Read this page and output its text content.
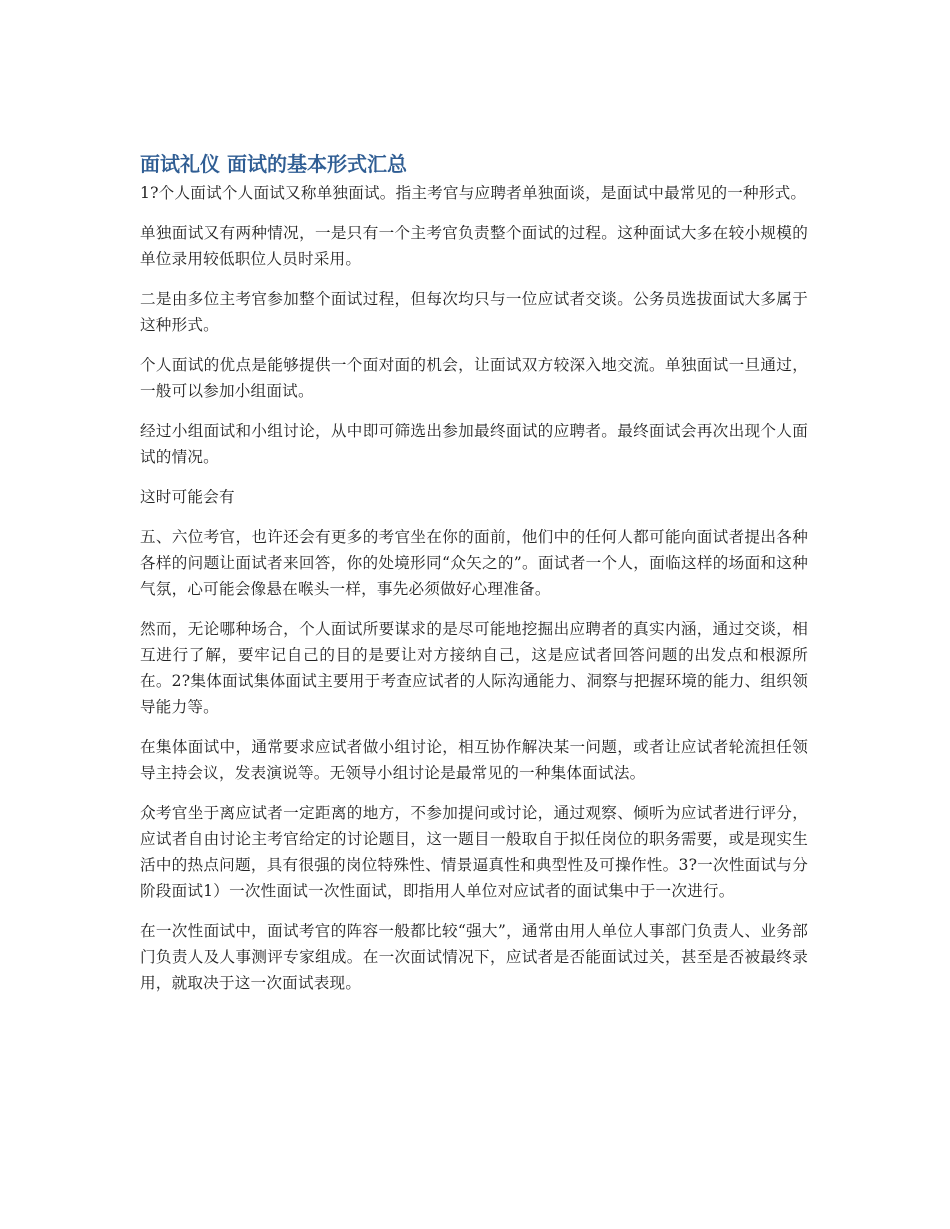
面试礼仪 面试的基本形式汇总

1?个人面试个人面试又称单独面试。指主考官与应聘者单独面谈，是面试中最常见的一种形式。

单独面试又有两种情况，一是只有一个主考官负责整个面试的过程。这种面试大多在较小规模的单位录用较低职位人员时采用。

二是由多位主考官参加整个面试过程，但每次均只与一位应试者交谈。公务员选拔面试大多属于这种形式。

个人面试的优点是能够提供一个面对面的机会，让面试双方较深入地交流。单独面试一旦通过，一般可以参加小组面试。

经过小组面试和小组讨论，从中即可筛选出参加最终面试的应聘者。最终面试会再次出现个人面试的情况。

这时可能会有

五、六位考官，也许还会有更多的考官坐在你的面前，他们中的任何人都可能向面试者提出各种各样的问题让面试者来回答，你的处境形同“众矢之的”。面试者一个人，面临这样的场面和这种气氛，心可能会像悬在喉头一样，事先必须做好心理准备。

然而，无论哪种场合，个人面试所要谋求的是尽可能地挖掘出应聘者的真实内涵，通过交谈，相互进行了解，要牢记自己的目的是要让对方接纳自己，这是应试者回答问题的出发点和根源所在。2?集体面试集体面试主要用于考查应试者的人际沟通能力、洞察与把握环境的能力、组织领导能力等。

在集体面试中，通常要求应试者做小组讨论，相互协作解决某一问题，或者让应试者轮流担任领导主持会议，发表演说等。无领导小组讨论是最常见的一种集体面试法。

众考官坐于离应试者一定距离的地方，不参加提问或讨论，通过观察、倾听为应试者进行评分，应试者自由讨论主考官给定的讨论题目，这一题目一般取自于拟任岗位的职务需要，或是现实生活中的热点问题，具有很强的岗位特殊性、情景逼真性和典型性及可操作性。3?一次性面试与分阶段面试1）一次性面试一次性面试，即指用人单位对应试者的面试集中于一次进行。

在一次性面试中，面试考官的阵容一般都比较“强大”，通常由用人单位人事部门负责人、业务部门负责人及人事测评专家组成。在一次面试情况下，应试者是否能面试过关，甚至是否被最终录用，就取决于这一次面试表现。
